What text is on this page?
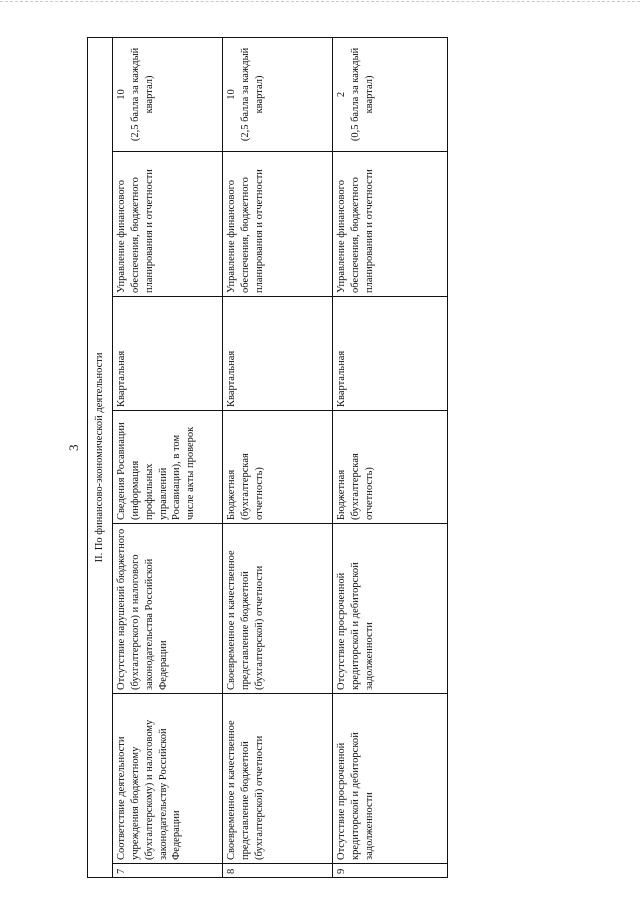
3 II. По финансово-экономической деятельности						
7	Соответствие деятельности учреждения бюджетному (бухгалтерскому) и налоговому законодательству Российской Федерации	Отсутствие нарушений бюджетного (бухгалтерского) и налогового законодательства Российской Федерации	Сведения Росавиации (информация профильных управлений Росавиации), в том числе акты проверок	Квартальная	Управление финансового обеспечения, бюджетного планирования и отчетности	10 (2,5 балла за каждый квартал)

8	Своевременное и качественное представление бюджетной (бухгалтерской) отчетности	Своевременное и качественное представление бюджетной (бухгалтерской) отчетности	Бюджетная (бухгалтерская отчетность)	Квартальная	Управление финансового обеспечения, бюджетного планирования и отчетности	10 (2,5 балла за каждый квартал)

9	Отсутствие просроченной кредиторской и дебиторской задолженности	Отсутствие просроченной кредиторской и дебиторской задолженности	Бюджетная (бухгалтерская отчетность)	Квартальная	Управление финансового обеспечения, бюджетного планирования и отчетности	2 (0,5 балла за каждый квартал)
